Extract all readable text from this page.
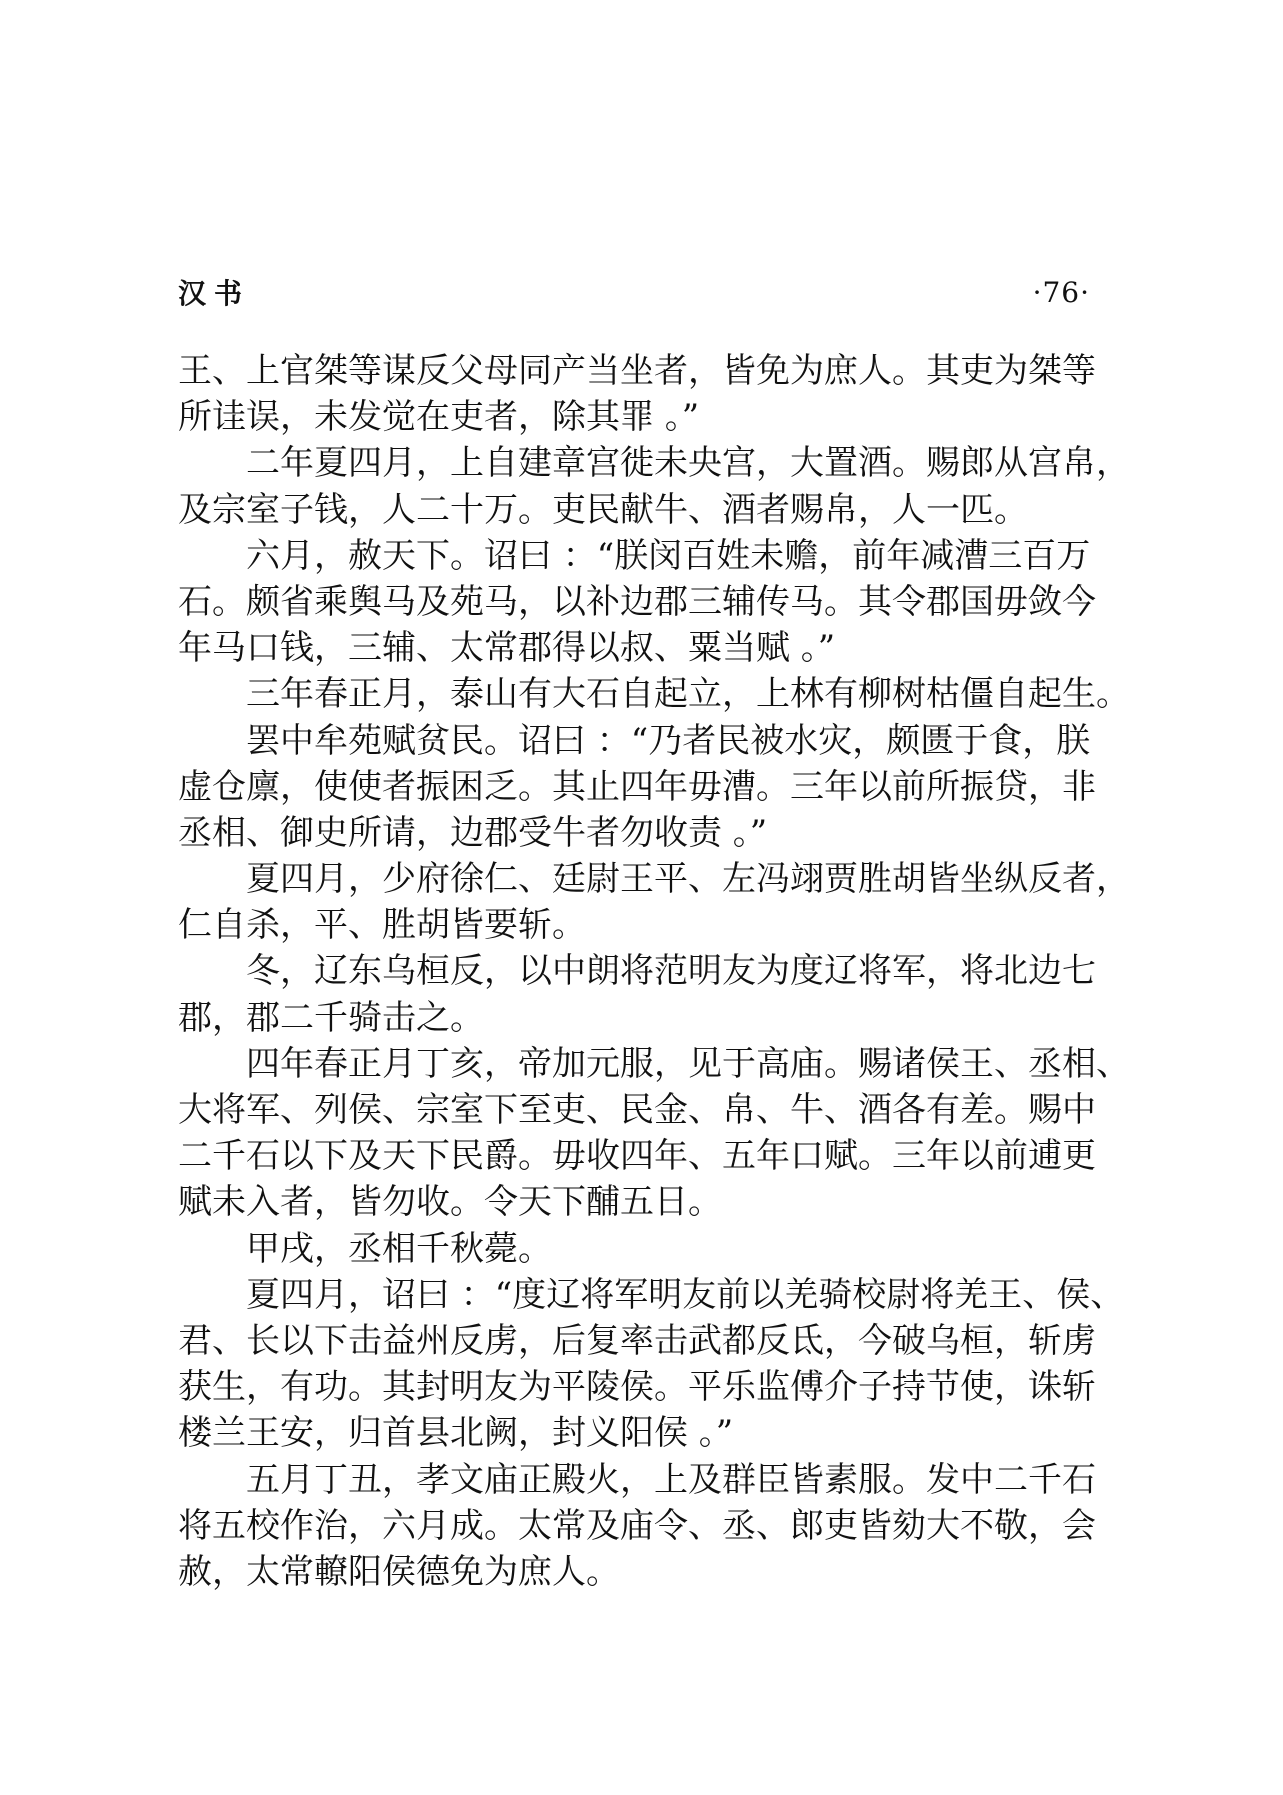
汉书	·76·
王、上官桀等谋反父母同产当坐者，皆免为庶人。其吏为桀等
所诖误，未发觉在吏者，除其罪 。”
二年夏四月，上自建章宫徙未央宫，大置酒。赐郎从宫帛，
及宗室子钱，人二十万。吏民献牛、酒者赐帛，人一匹。
六月，赦天下。诏曰 ：“朕闵百姓未赡，前年减漕三百万
石。颇省乘舆马及苑马，以补边郡三辅传马。其令郡国毋敛今
年马口钱，三辅、太常郡得以叔、粟当赋 。”
三年春正月，泰山有大石自起立，上林有柳树枯僵自起生。
罢中牟苑赋贫民。诏曰 ：“乃者民被水灾，颇匮于食，朕
虚仓廪，使使者振困乏。其止四年毋漕。三年以前所振贷，非
丞相、御史所请，边郡受牛者勿收责 。”
夏四月，少府徐仁、廷尉王平、左冯翊贾胜胡皆坐纵反者，
仁自杀，平、胜胡皆要斩。
冬，辽东乌桓反，以中朗将范明友为度辽将军，将北边七
郡，郡二千骑击之。
四年春正月丁亥，帝加元服，见于高庙。赐诸侯王、丞相、
大将军、列侯、宗室下至吏、民金、帛、牛、酒各有差。赐中
二千石以下及天下民爵。毋收四年、五年口赋。三年以前逋更
赋未入者，皆勿收。令天下酺五日。
甲戌，丞相千秋薨。
夏四月，诏曰 ：“度辽将军明友前以羌骑校尉将羌王、侯、
君、长以下击益州反虏，后复率击武都反氐，今破乌桓，斩虏
获生，有功。其封明友为平陵侯。平乐监傅介子持节使，诛斩
楼兰王安，归首县北阙，封义阳侯 。”
五月丁丑，孝文庙正殿火，上及群臣皆素服。发中二千石
将五校作治，六月成。太常及庙令、丞、郎吏皆劾大不敬，会
赦，太常轑阳侯德免为庶人。
